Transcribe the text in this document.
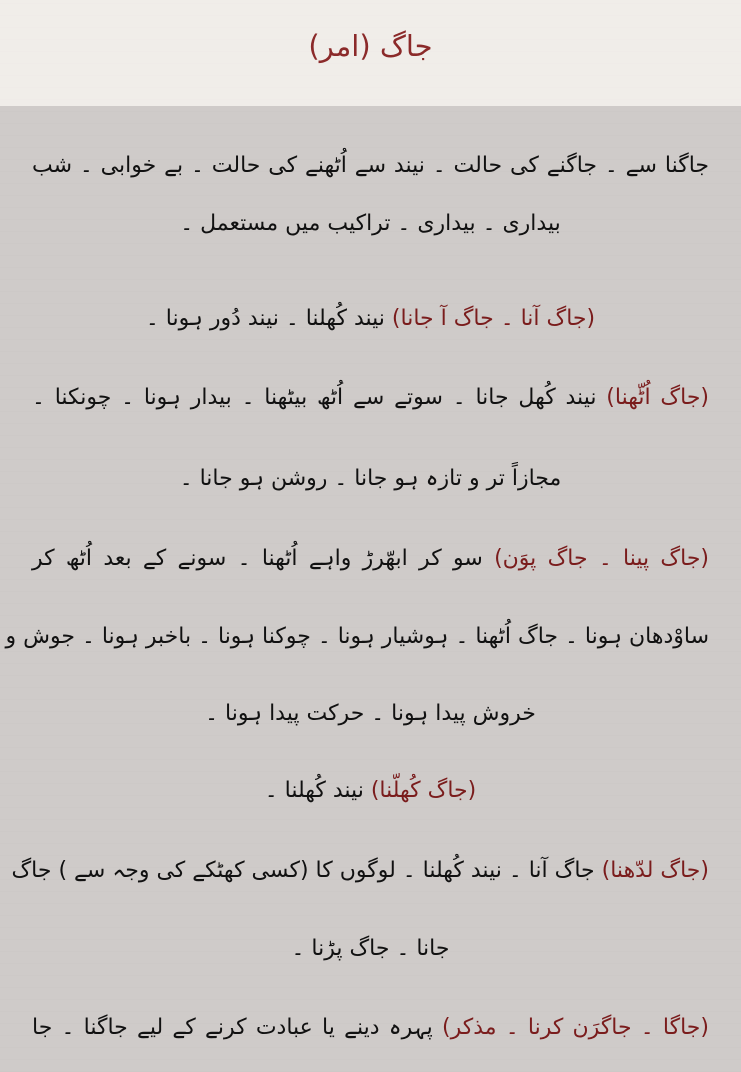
جاگ (امر)
جاگنا سے ۔ جاگنے کی حالت ۔ نیند سے اُٹھنے کی حالت ۔ بے خوابی ۔ شب
بیداری ۔ بیداری ۔ تراکیب میں مستعمل ۔
(جاگ آنا ۔ جاگ آ جانا) نیند کُھلنا ۔ نیند دُور ہونا ۔
(جاگ اُٹّھنا) نیند کُھل جانا ۔ سوتے سے اُٹھ بیٹھنا ۔ بیدار ہونا ۔ چونکنا ۔
مجازاً تر و تازہ ہو جانا ۔ روشن ہو جانا ۔
(جاگ پینا ۔ جاگ پوَن) سو کر ابھّرڑ واہے اُٹھنا ۔ سونے کے بعد اُٹھ کر
ساوْدھان ہونا ۔ جاگ اُٹھنا ۔ ہوشیار ہونا ۔ چوکنا ہونا ۔ باخبر ہونا ۔ جوش و
خروش پیدا ہونا ۔ حرکت پیدا ہونا ۔
(جاگ کُھلّنا) نیند کُھلنا ۔
(جاگ لدّھنا) جاگ آنا ۔ نیند کُھلنا ۔ لوگوں کا (کسی کھٹکے کی وجہ سے ) جاگ
جانا ۔ جاگ پڑنا ۔
(جاگا ۔ جاگرَن کرنا ۔ مذکر) پہرہ دینے یا عبادت کرنے کے لیے جاگنا ۔ جا
